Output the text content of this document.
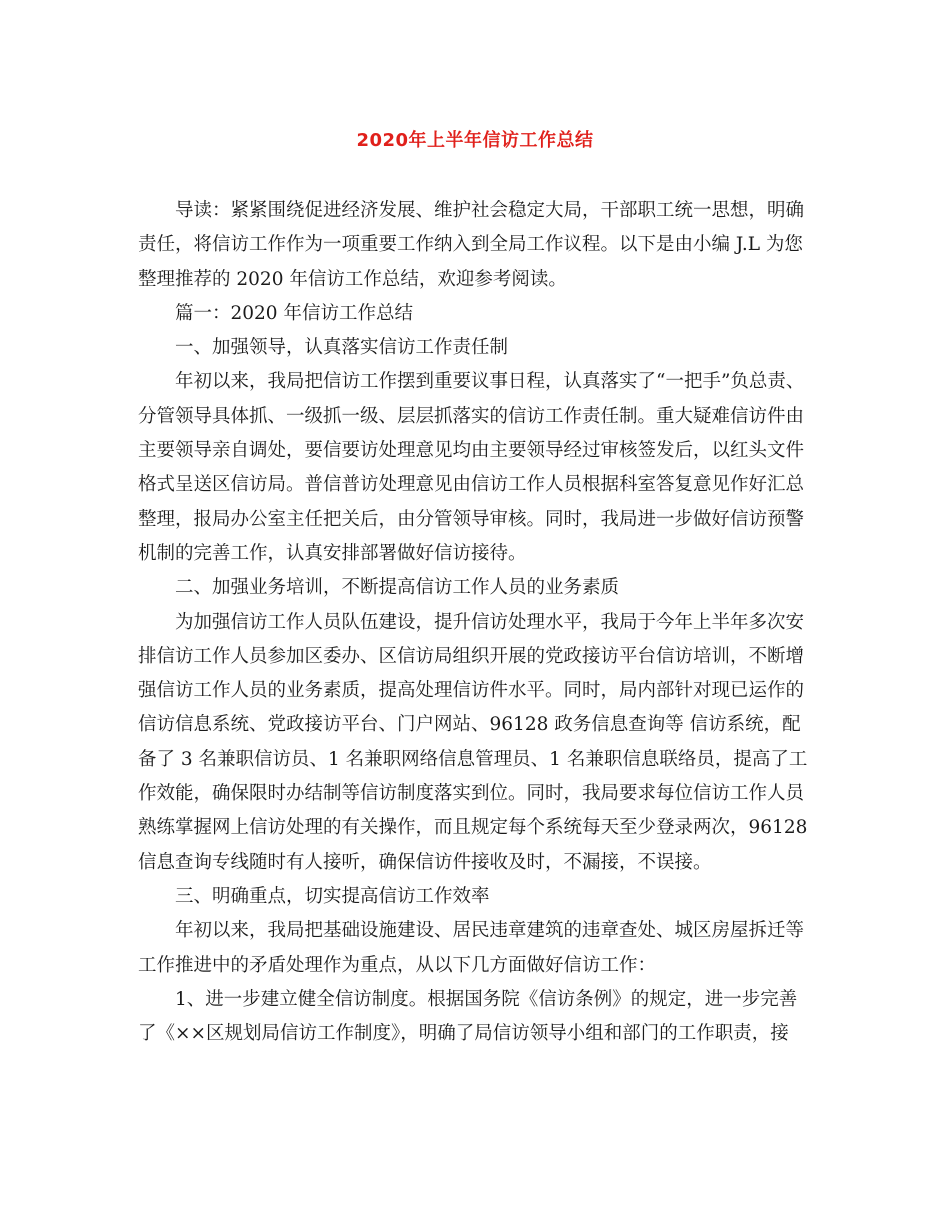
2020年上半年信访工作总结
导读：紧紧围绕促进经济发展、维护社会稳定大局，干部职工统一思想，明确
责任，将信访工作作为一项重要工作纳入到全局工作议程。以下是由小编 J.L 为您
整理推荐的 2020 年信访工作总结，欢迎参考阅读。
篇一：2020 年信访工作总结
一、加强领导，认真落实信访工作责任制
年初以来，我局把信访工作摆到重要议事日程，认真落实了“一把手”负总责、
分管领导具体抓、一级抓一级、层层抓落实的信访工作责任制。重大疑难信访件由
主要领导亲自调处，要信要访处理意见均由主要领导经过审核签发后，以红头文件
格式呈送区信访局。普信普访处理意见由信访工作人员根据科室答复意见作好汇总
整理，报局办公室主任把关后，由分管领导审核。同时，我局进一步做好信访预警
机制的完善工作，认真安排部署做好信访接待。
二、加强业务培训，不断提高信访工作人员的业务素质
为加强信访工作人员队伍建设，提升信访处理水平，我局于今年上半年多次安
排信访工作人员参加区委办、区信访局组织开展的党政接访平台信访培训，不断增
强信访工作人员的业务素质，提高处理信访件水平。同时，局内部针对现已运作的
信访信息系统、党政接访平台、门户网站、96128 政务信息查询等 信访系统，配
备了 3 名兼职信访员、1 名兼职网络信息管理员、1 名兼职信息联络员，提高了工
作效能，确保限时办结制等信访制度落实到位。同时，我局要求每位信访工作人员
熟练掌握网上信访处理的有关操作，而且规定每个系统每天至少登录两次，96128
信息查询专线随时有人接听，确保信访件接收及时，不漏接，不误接。
三、明确重点，切实提高信访工作效率
年初以来，我局把基础设施建设、居民违章建筑的违章查处、城区房屋拆迁等
工作推进中的矛盾处理作为重点，从以下几方面做好信访工作：
1、进一步建立健全信访制度。根据国务院《信访条例》的规定，进一步完善
了《××区规划局信访工作制度》，明确了局信访领导小组和部门的工作职责，接
